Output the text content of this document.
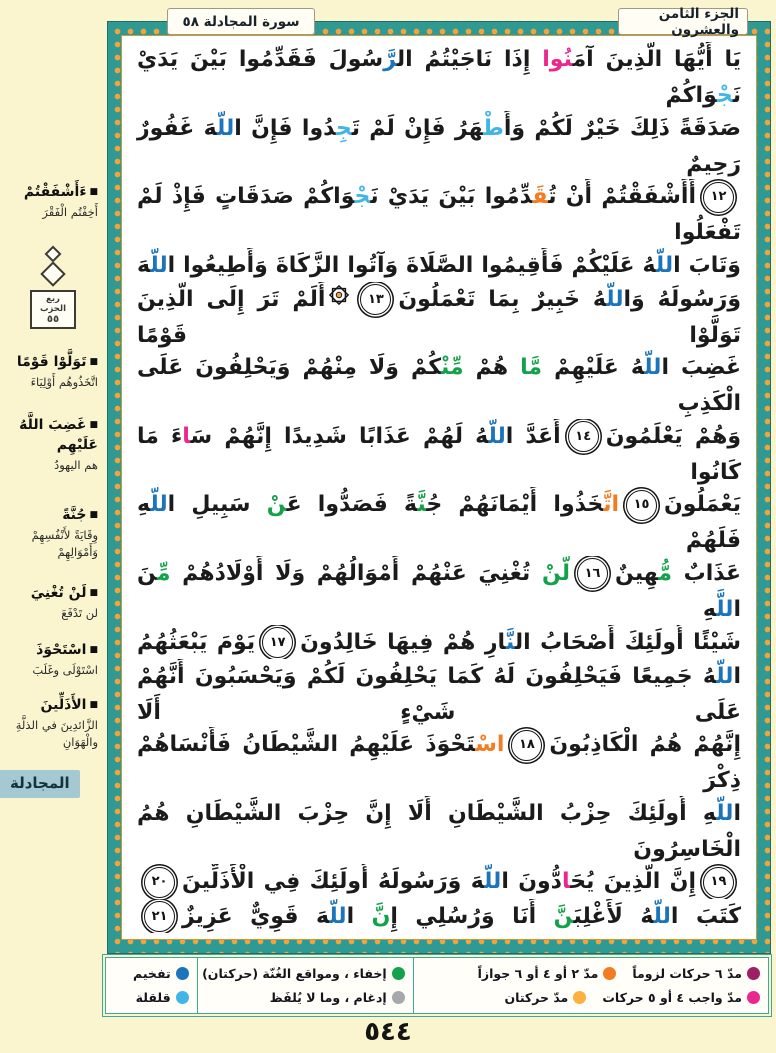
سورة المجادلة ٥٨	الجزء الثامن والعشرون
يَا أَيُّهَا الَّذِينَ آمَنُوا إِذَا نَاجَيْتُمُ الرَّسُولَ فَقَدِّمُوا بَيْنَ يَدَيْ نَجْوَاكُمْ
صَدَقَةً ذَلِكَ خَيْرٌ لَكُمْ وَأَطْهَرُ فَإِنْ لَمْ تَجِدُوا فَإِنَّ اللَّهَ غَفُورٌ رَحِيمٌ
١٢أَأَشْفَقْتُمْ أَنْ تُقَدِّمُوا بَيْنَ يَدَيْ نَجْوَاكُمْ صَدَقَاتٍ فَإِذْ لَمْ تَفْعَلُوا
وَتَابَ اللَّهُ عَلَيْكُمْ فَأَقِيمُوا الصَّلَاةَ وَآتُوا الزَّكَاةَ وَأَطِيعُوا اللَّهَ
وَرَسُولَهُ وَاللَّهُ خَبِيرٌ بِمَا تَعْمَلُونَ١٣أَلَمْ تَرَ إِلَى الَّذِينَ تَوَلَّوْا قَوْمًا
غَضِبَ اللَّهُ عَلَيْهِمْ مَّا هُمْ مِّنْكُمْ وَلَا مِنْهُمْ وَيَحْلِفُونَ عَلَى الْكَذِبِ
وَهُمْ يَعْلَمُونَ١٤أَعَدَّ اللَّهُ لَهُمْ عَذَابًا شَدِيدًا إِنَّهُمْ سَاءَ مَا كَانُوا
يَعْمَلُونَ١٥اتَّخَذُوا أَيْمَانَهُمْ جُنَّةً فَصَدُّوا عَنْ سَبِيلِ اللَّهِ فَلَهُمْ
عَذَابٌ مُّهِينٌ١٦لَّنْ تُغْنِيَ عَنْهُمْ أَمْوَالُهُمْ وَلَ أَوْلَادُهُمْ مِّنَ اللَّهِ
شَيْئًا أُولَئِكَ أَصْحَابُ النَّارِ هُمْ فِيهَا خَالِدُونَ١٧يَوْمَ يَبْعَثُهُمُ
اللَّهُ جَمِيعًا فَيَحْلِفُونَ لَهُ كَمَا يَحْلِفُونَ لَكُمْ وَيَحْسَبُونَ أَنَّهُمْ عَلَى شَيْءٍ أَلَ
إِنَّهُمْ هُمُ الْكَاذِبُونَ١٨اسْتَحْوَذَ عَلَيْهِمُ الشَّيْطَانُ فَأَنْسَاهُمْ ذِكْرَ
اللَّهِ أُولَئِكَ حِزْبُ الشَّيْطَانِ أَلَ إِنَّ حِزْبَ الشَّيْطَانِ هُمُ الْخَاسِرُونَ
١٩إِنَّ الَّذِينَ يُحَادُّونَ اللَّهَ وَرَسُولَهُ أُولَئِكَ فِي الْأَذَلِّينَ٢٠
كَتَبَ اللَّهُ لَأَغْلِبَنَّ أَنَا وَرُسُلِي إِنَّ اللَّهَ قَوِيٌّ عَزِيزٌ٢١
ربع الحزب
٥٥
المجادلة
■ءَأَشْفَقْتُمْ
أَخِفْتُم الْفَقْرَ
■تَوَلَّوْا قَوْمًا
اتَّخَذُوهُم أَوْلِيَاءَ
■غَضِبَ اللَّهُ عَلَيْهِم
هم اليهودُ
■جُنَّةً
وِقَايَةً لأَنْفُسِهِمْ وَأَمْوَالِهِمْ
■لَنْ تُغْنِيَ
لن تَدْفَعَ
■اسْتَحْوَذَ
اسْتَوْلَى وغَلَبَ
■الأَذَلِّينَ
الزَّائدِينَ في الذلَّةِ والْهَوَانِ
مدّ ٦ حركات لزوماً
مدّ ٢ أو ٤ أو ٦ جوازاً
مدّ واجب ٤ أو ٥ حركات
مدّ حركتان
إخفاء ، ومواقع الغُنّة (حركتان)
إدغام ، وما لا يُلفَظ
تفخيم
قلقلة
٥٤٤
